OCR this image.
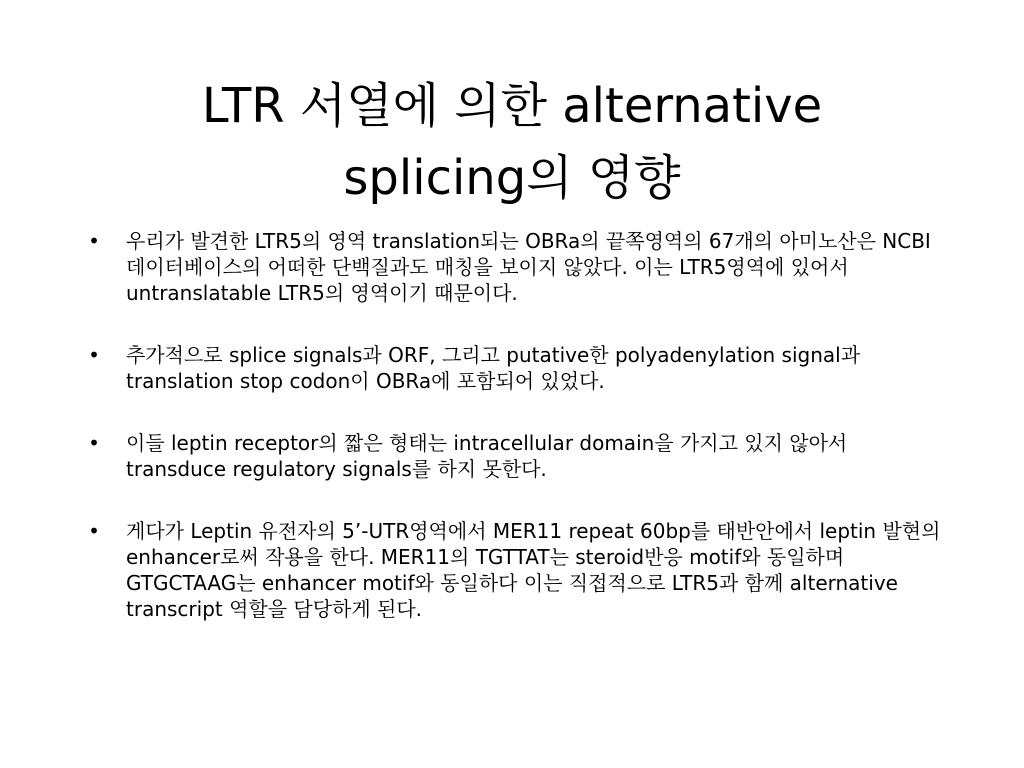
LTR 서열에 의한 alternative
splicing의 영향
• 우리가 발견한 LTR5의 영역 translation되는 OBRa의 끝쪽영역의 67개의 아미노산은 NCBI데이터베이스의 어떠한 단백질과도 매칭을 보이지 않았다. 이는 LTR5영역에 있어서 untranslatable LTR5의 영역이기 때문이다.
• 추가적으로 splice signals과 ORF, 그리고 putative한 polyadenylation signal과 translation stop codon이 OBRa에 포함되어 있었다.
• 이들 leptin receptor의 짧은 형태는 intracellular domain을 가지고 있지 않아서 transduce regulatory signals를 하지 못한다.
• 게다가 Leptin 유전자의 5’-UTR영역에서 MER11 repeat 60bp를 태반안에서 leptin 발현의 enhancer로써 작용을 한다. MER11의 TGTTAT는 steroid반응 motif와 동일하며 GTGCTAAG는 enhancer motif와 동일하다 이는 직접적으로 LTR5과 함께 alternative transcript 역할을 담당하게 된다.
